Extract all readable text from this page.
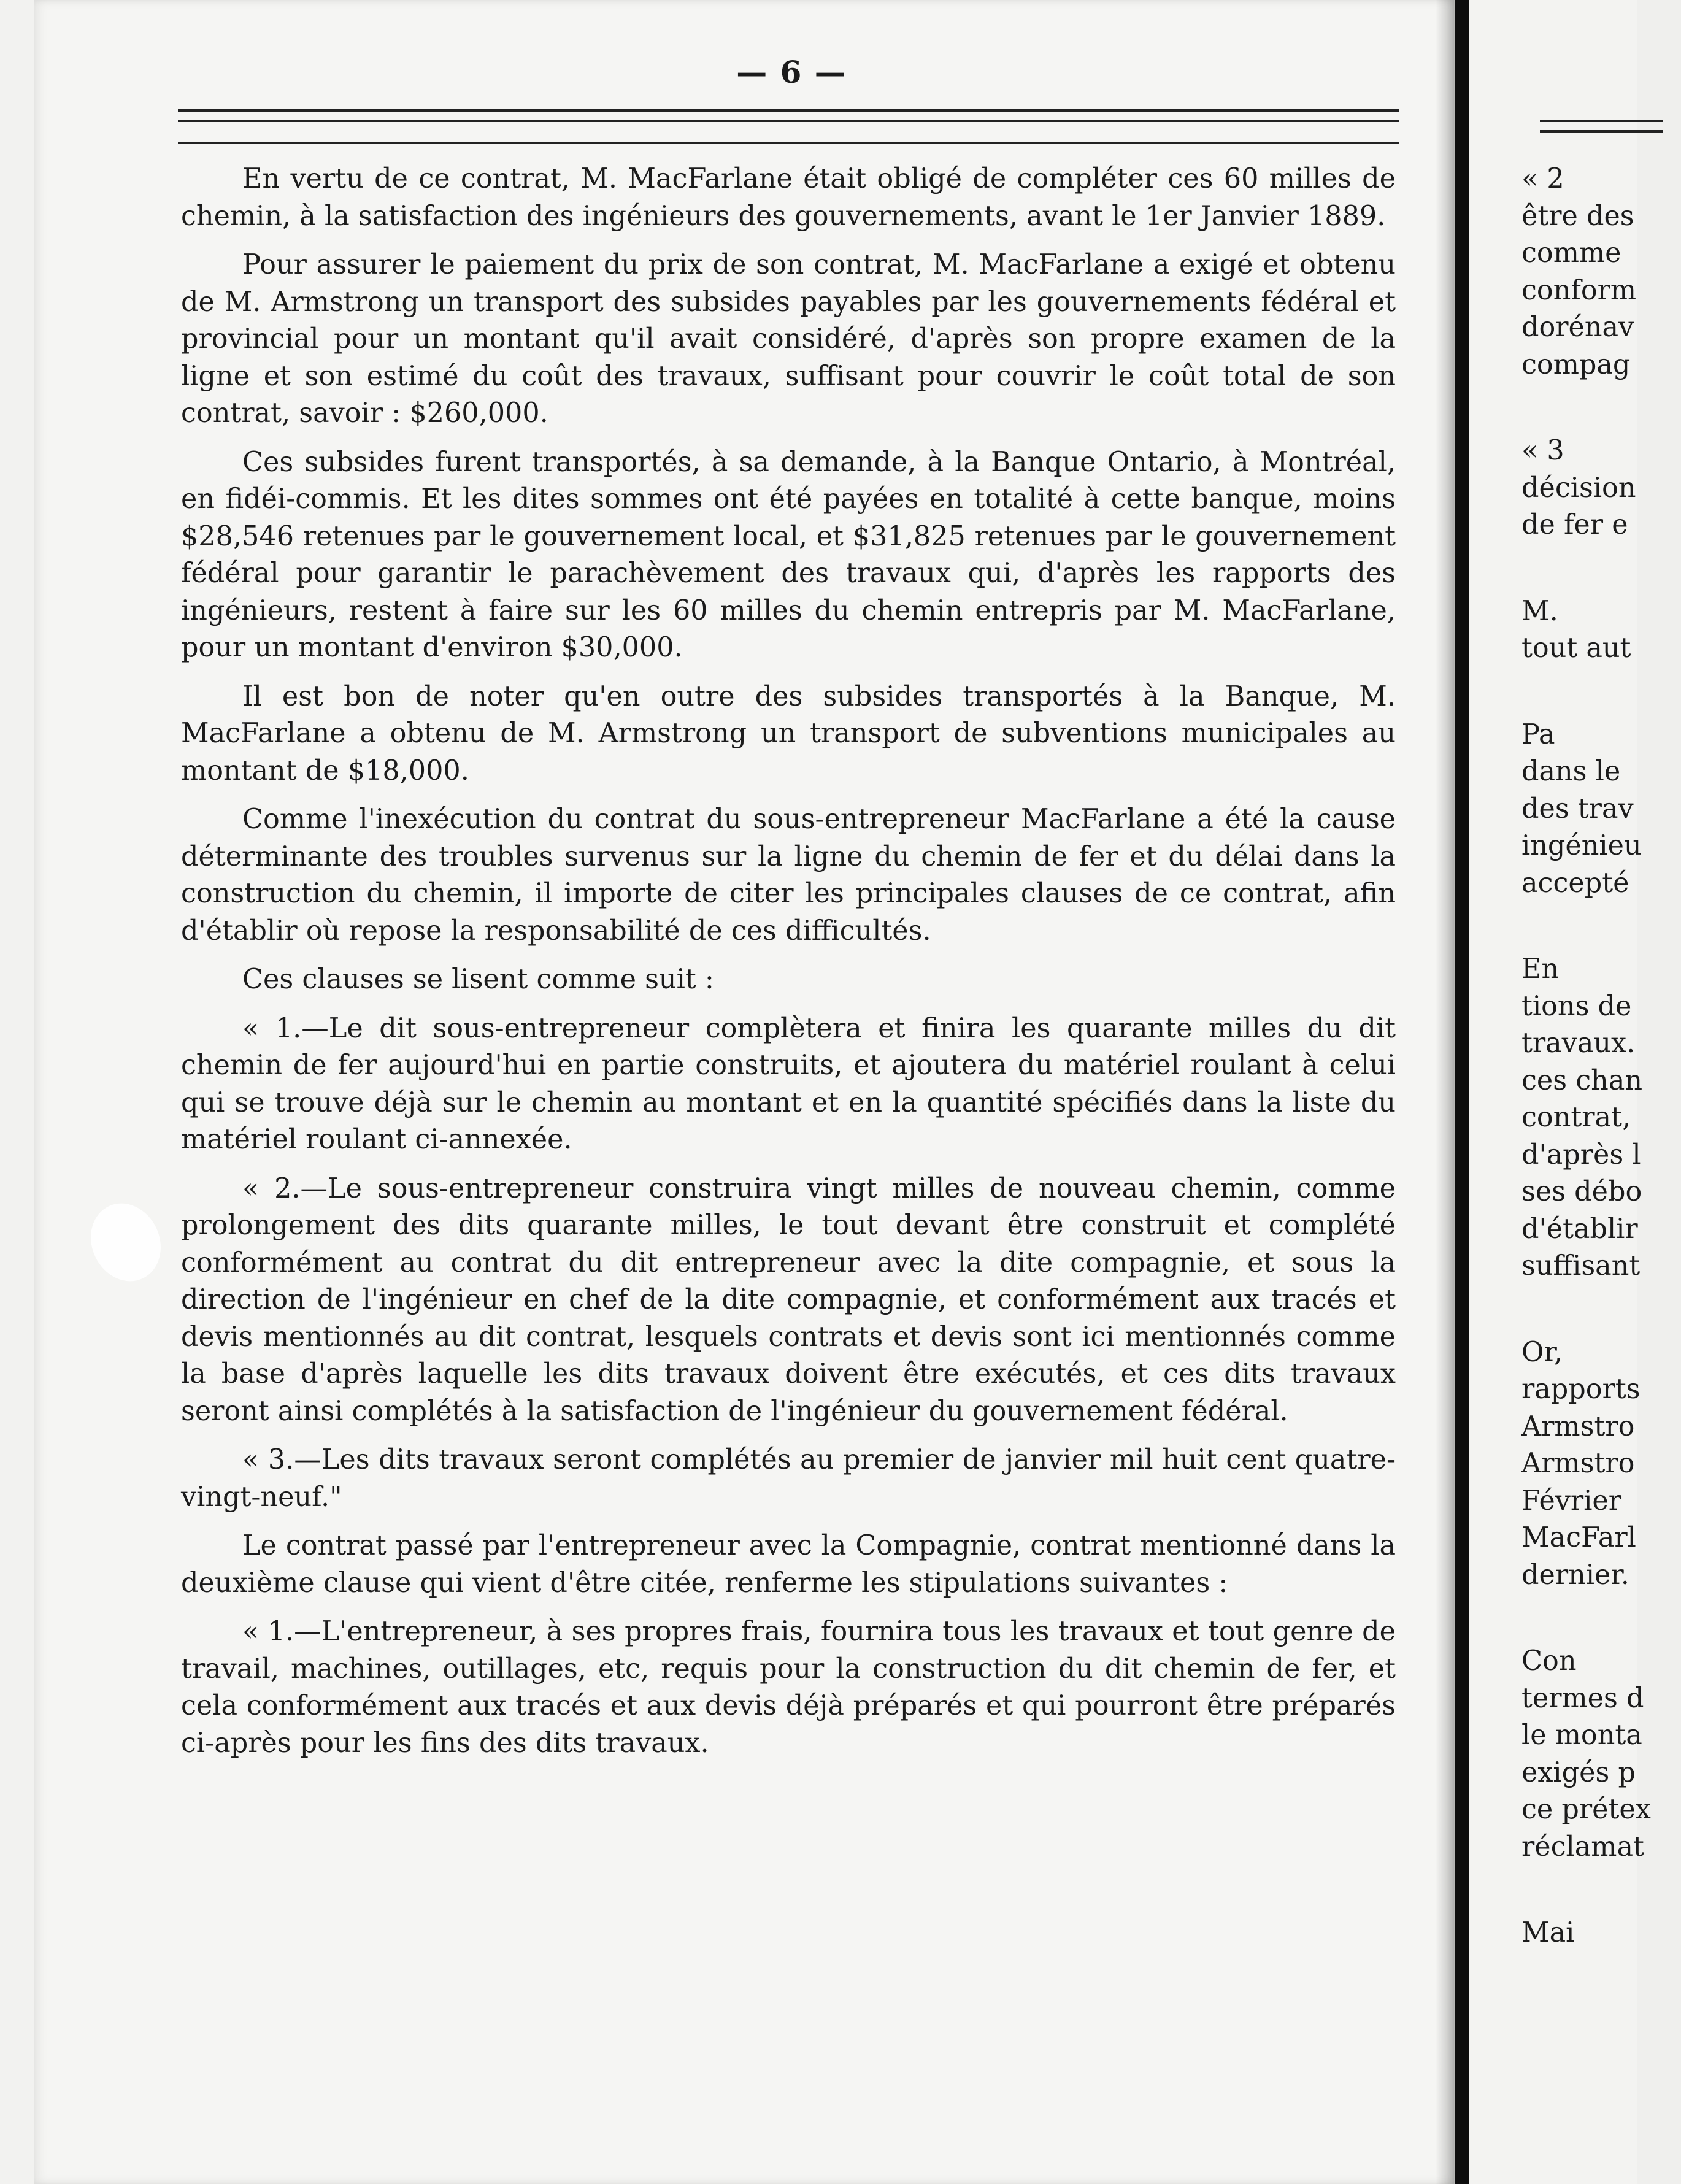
— 6 —

En vertu de ce contrat, M. MacFarlane était obligé de compléter ces 60 milles de chemin, à la satisfaction des ingénieurs des gouvernements, avant le 1er Janvier 1889.

Pour assurer le paiement du prix de son contrat, M. MacFarlane a exigé et obtenu de M. Armstrong un transport des subsides payables par les gouvernements fédéral et provincial pour un montant qu'il avait considéré, d'après son propre examen de la ligne et son estimé du coût des travaux, suffisant pour couvrir le coût total de son contrat, savoir : $260,000.

Ces subsides furent transportés, à sa demande, à la Banque Ontario, à Montréal, en fidéi-commis. Et les dites sommes ont été payées en totalité à cette banque, moins $28,546 retenues par le gouvernement local, et $31,825 retenues par le gouvernement fédéral pour garantir le parachèvement des travaux qui, d'après les rapports des ingénieurs, restent à faire sur les 60 milles du chemin entrepris par M. MacFarlane, pour un montant d'environ $30,000.

Il est bon de noter qu'en outre des subsides transportés à la Banque, M. MacFarlane a obtenu de M. Armstrong un transport de subventions municipales au montant de $18,000.

Comme l'inexécution du contrat du sous-entrepreneur MacFarlane a été la cause déterminante des troubles survenus sur la ligne du chemin de fer et du délai dans la construction du chemin, il importe de citer les principales clauses de ce contrat, afin d'établir où repose la responsabilité de ces difficultés.

Ces clauses se lisent comme suit :

« 1.—Le dit sous-entrepreneur complètera et finira les quarante milles du dit chemin de fer aujourd'hui en partie construits, et ajoutera du matériel roulant à celui qui se trouve déjà sur le chemin au montant et en la quantité spécifiés dans la liste du matériel roulant ci-annexée.

« 2.—Le sous-entrepreneur construira vingt milles de nouveau chemin, comme prolongement des dits quarante milles, le tout devant être construit et complété conformément au contrat du dit entrepreneur avec la dite compagnie, et sous la direction de l'ingénieur en chef de la dite compagnie, et conformément aux tracés et devis mentionnés au dit contrat, lesquels contrats et devis sont ici mentionnés comme la base d'après laquelle les dits travaux doivent être exécutés, et ces dits travaux seront ainsi complétés à la satisfaction de l'ingénieur du gouvernement fédéral.

« 3.—Les dits travaux seront complétés au premier de janvier mil huit cent quatre-vingt-neuf."

Le contrat passé par l'entrepreneur avec la Compagnie, contrat mentionné dans la deuxième clause qui vient d'être citée, renferme les stipulations suivantes :

« 1.—L'entrepreneur, à ses propres frais, fournira tous les travaux et tout genre de travail, machines, outillages, etc, requis pour la construction du dit chemin de fer, et cela conformément aux tracés et aux devis déjà préparés et qui pourront être préparés ci-après pour les fins des dits travaux.

« 2
être des
comme
conform
dorénav
compag
« 3
décision
de fer e
M.
tout aut
Pa
dans le
des trav
ingénieu
accepté
En
tions de
travaux.
ces chan
contrat,
d'après l
ses débo
d'établir
suffisant
Or,
rapports
Armstro
Armstro
Février
MacFarl
dernier.
Con
termes d
le monta
exigés p
ce prétex
réclamat
Mai
